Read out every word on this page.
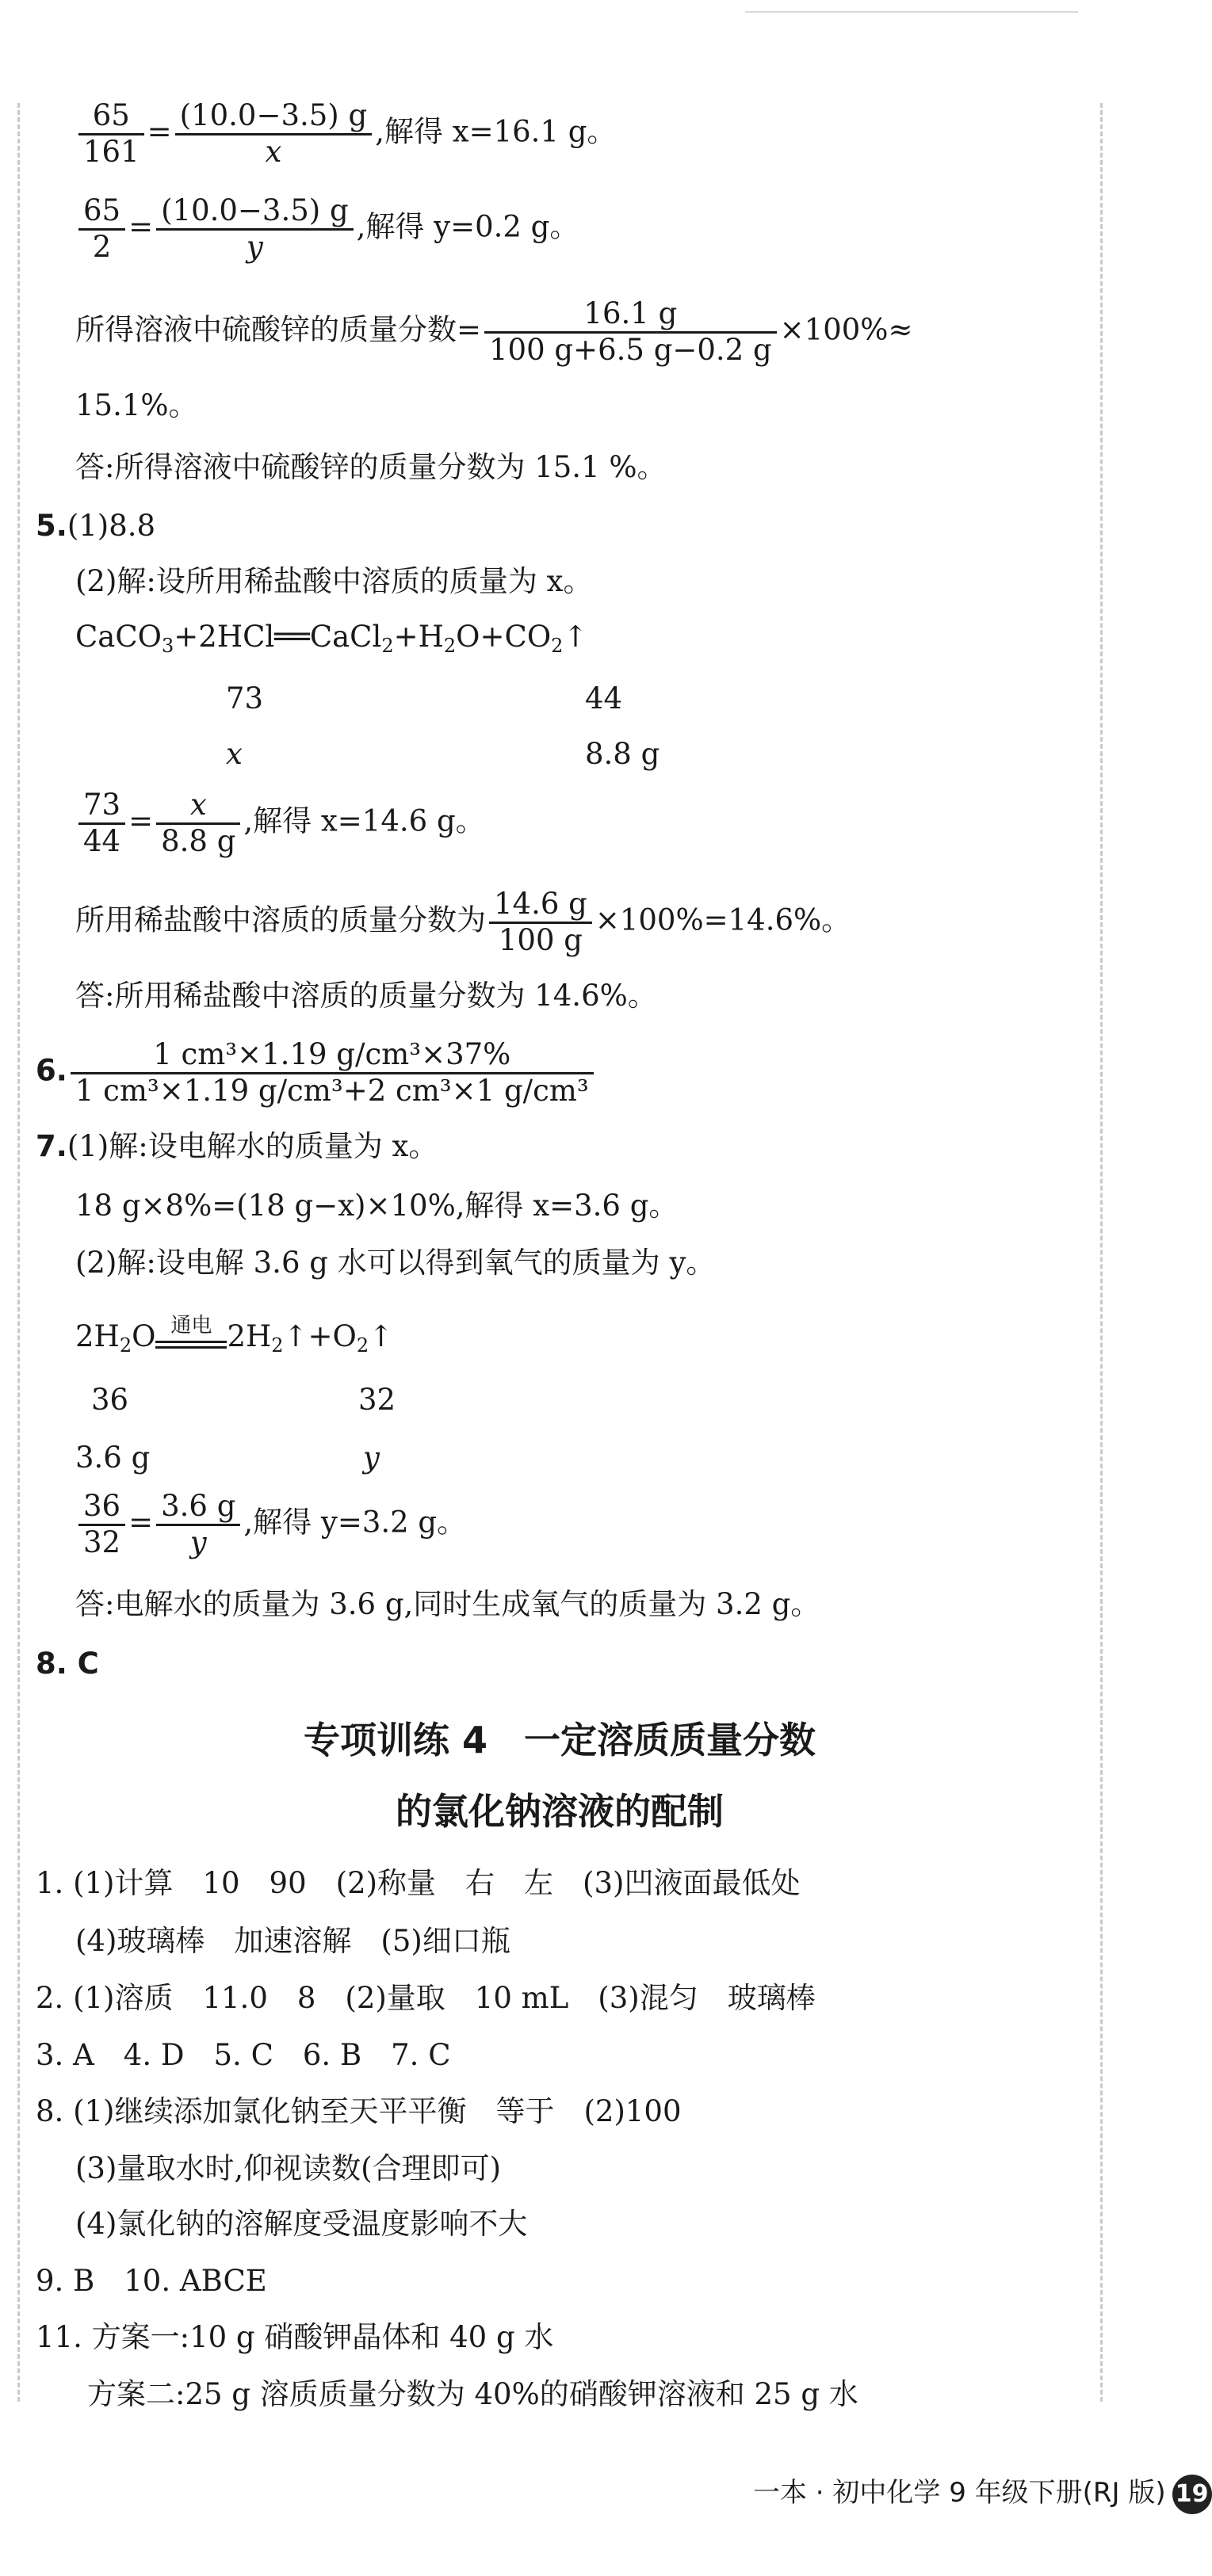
$\frac{65}{161} = \frac{(10.0-3.5) g}{x}$ ,解得 x=16.1 g。
$\frac{65}{2} = \frac{(10.0-3.5) g}{y}$ ,解得 y=0.2 g。
所得溶液中硫酸锌的质量分数= $\frac{16.1 g}{100 g+6.5 g-0.2 g} \times 100\%\approx$
15.1%。
答:所得溶液中硫酸锌的质量分数为 15.1 %。
5.(1)8.8
(2)解:设所用稀盐酸中溶质的质量为 x。
$CaCO_3+2HCl══CaCl_2+H_2O+CO_2↑$
73	44
x	8.8 g
$\frac{73}{44} = \frac{x}{8.8 g}$ ,解得 x=14.6 g。
所用稀盐酸中溶质的质量分数为 $\frac{14.6 g}{100 g} \times 100\%=14.6\%$。
答:所用稀盐酸中溶质的质量分数为 14.6%。
6. $\frac{\text{1 cm³×1.19 g/cm³×37\%}}{\text{1 cm³×1.19 g/cm³+2 cm³×1 g/cm³}}$
7.(1)解:设电解水的质量为 x。
18 g×8%=(18 g−x)×10%,解得 x=3.6 g。
(2)解:设电解 3.6 g 水可以得到氧气的质量为 y。
$2H_2O$ 通电 $2H_2↑+O_2↑$
36	32
3.6 g	y
$\frac{36}{32} = \frac{3.6 g}{y}$ ,解得 y=3.2 g。
答:电解水的质量为 3.6 g,同时生成氧气的质量为 3.2 g。
8. C
专项训练 4　一定溶质质量分数
的氯化钠溶液的配制
1. (1)计算　10　90　(2)称量　右　左　(3)凹液面最低处
(4)玻璃棒　加速溶解　(5)细口瓶
2. (1)溶质　11.0　8　(2)量取　10 mL　(3)混匀　玻璃棒
3. A　4. D　5. C　6. B　7. C
8. (1)继续添加氯化钠至天平平衡　等于　(2)100
(3)量取水时,仰视读数(合理即可)
(4)氯化钠的溶解度受温度影响不大
9. B　10. ABCE
11. 方案一:10 g 硝酸钾晶体和 40 g 水
方案二:25 g 溶质质量分数为 40%的硝酸钾溶液和 25 g 水
一本 · 初中化学 9 年级下册(RJ 版) 19
